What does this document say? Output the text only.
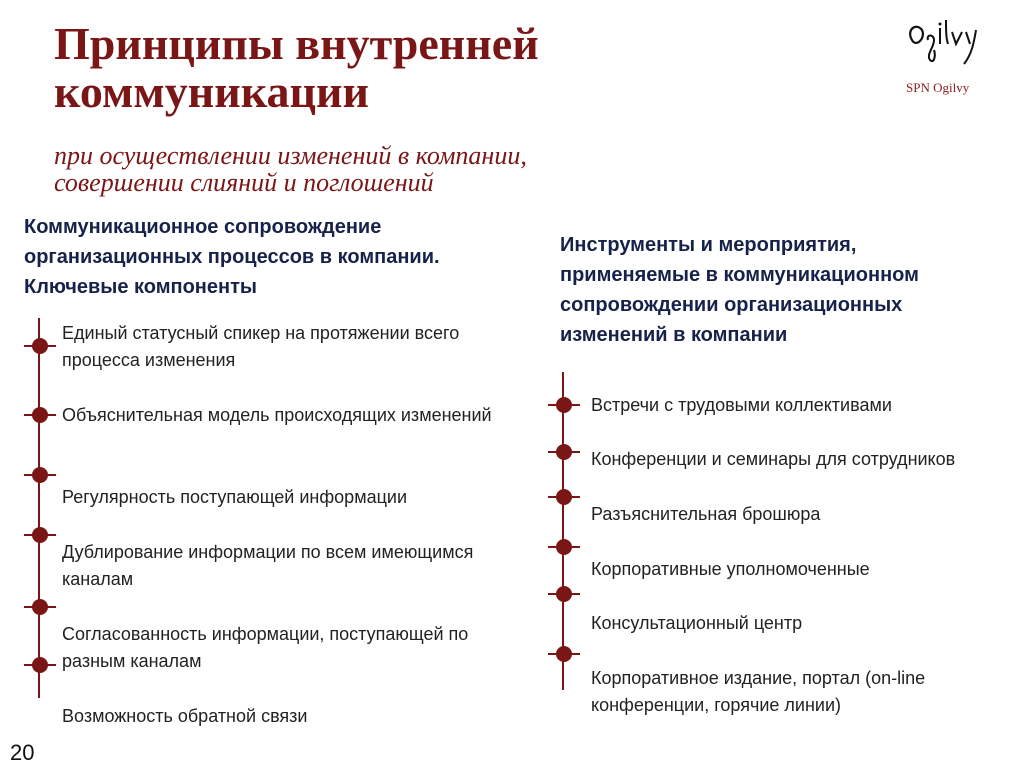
Принципы внутренней
коммуникации
при осуществлении изменений в компании,
совершении слияний и поглошений
SPN Ogilvy
Коммуникационное сопровождение
организационных процессов в компании.
Ключевые компоненты
Единый статусный спикер на протяжении всего процесса изменения
Объяснительная модель происходящих изменений
Регулярность поступающей информации
Дублирование информации по всем имеющимся каналам
Согласованность информации, поступающей по разным каналам
Возможность обратной связи
Инструменты и мероприятия,
применяемые в коммуникационном
сопровождении организационных
изменений в компании
Встречи с трудовыми коллективами
Конференции и семинары для сотрудников
Разъяснительная брошюра
Корпоративные уполномоченные
Консультационный центр
Корпоративное издание, портал (on-line конференции, горячие линии)
20
